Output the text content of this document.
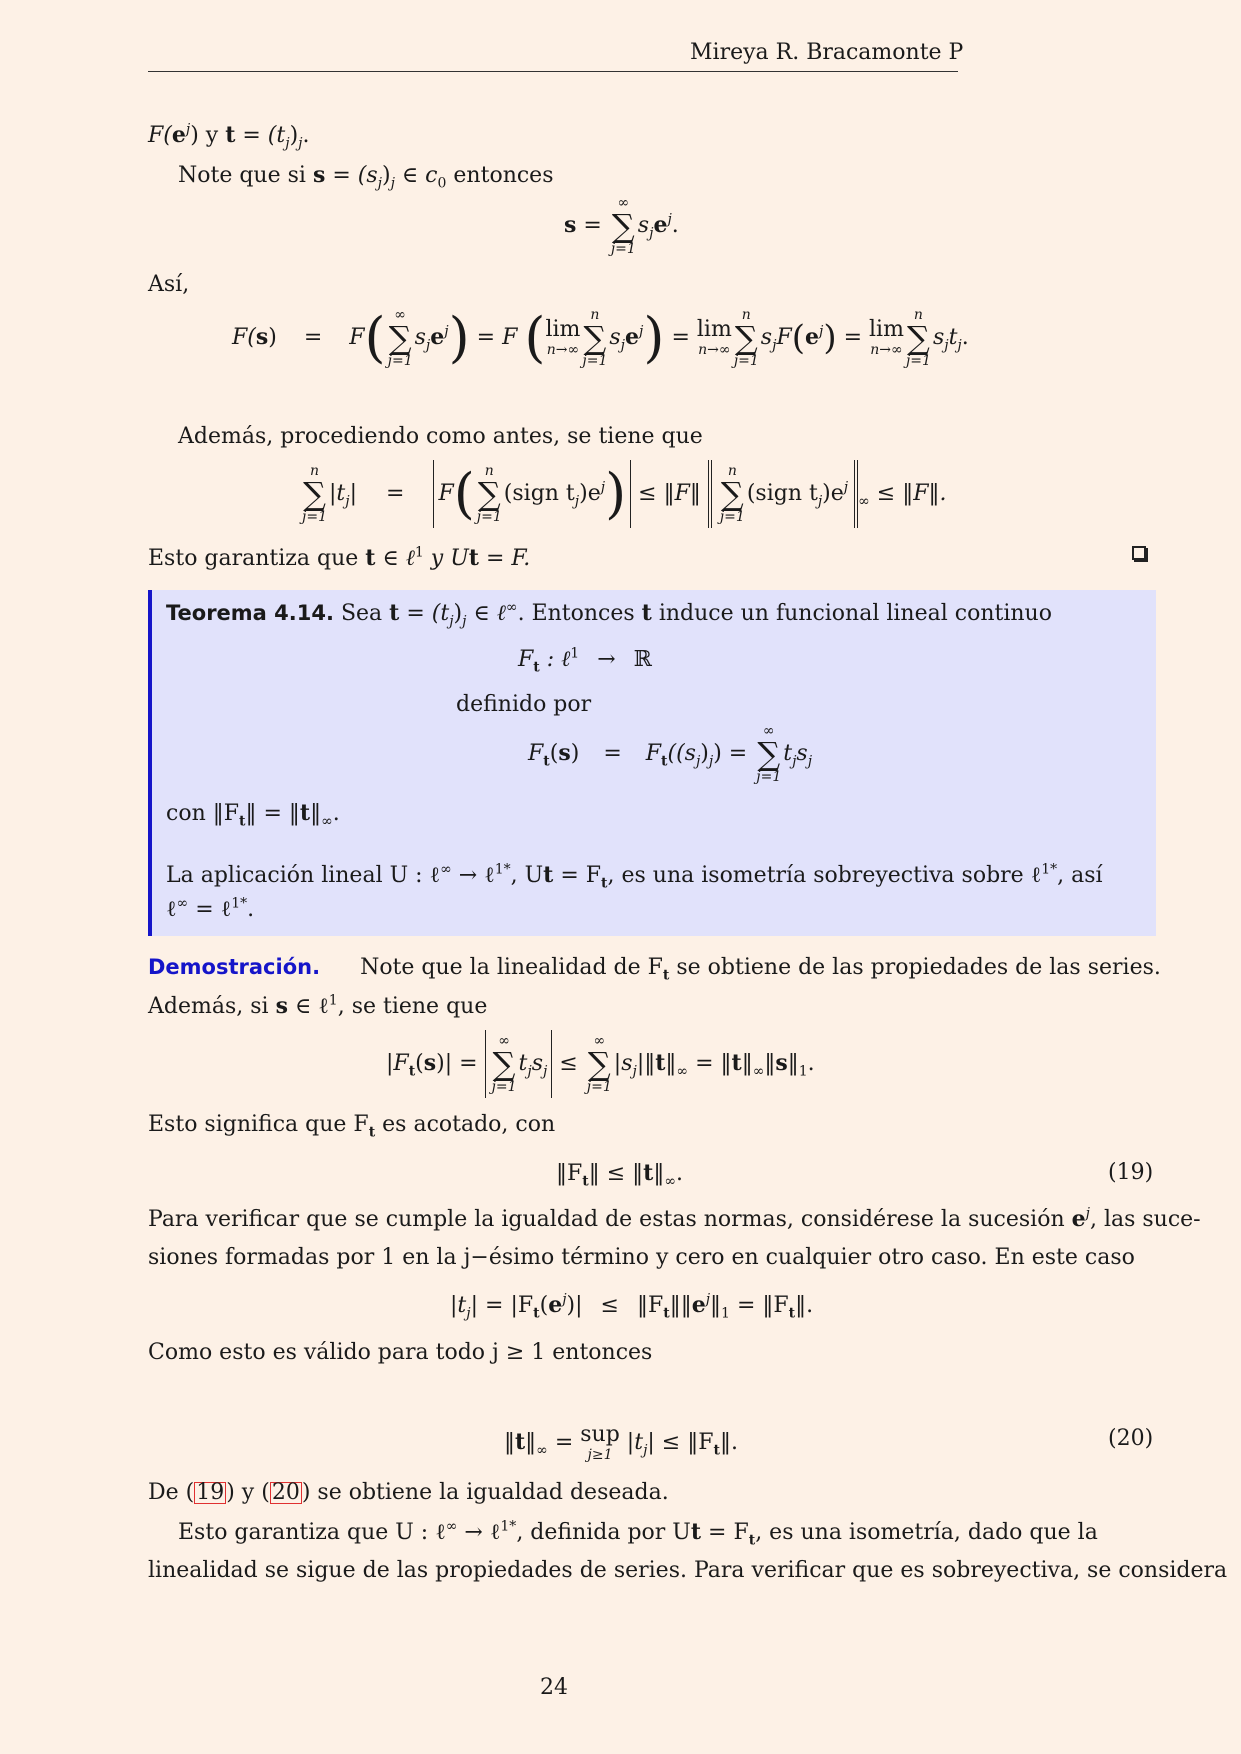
Mireya R. Bracamonte P
$F(e^j)$ y $t = (t_j)_j$.
Note que si $s = (s_j)_j$ ∈ $c_0$ entonces
s =
∞
∑
j=1
$s_je^j$.
Así,
F(s) = F( ∞
∑
j=1
$s_je^j) = F$ (lim
n→∞
n
∑
j=1
$s_je^j) = \lim$
n→∞
n
∑
j=1
$s_jF(e^j) = \lim$
n→∞
n
∑
j=1
$s_jt_j$.
Además, procediendo como antes, se tiene que
n
∑
j=1
$|t_j| = F$( n
∑
j=1
(sign $t_j)e^j$) ≤ ‖F‖
n
∑
j=1
(sign $t_j)e^j_\infty$ ≤ ‖F‖.
Esto garantiza que t ∈ ℓ$^1$ y Ut = F.
Teorema 4.14. Sea $t = (t_j)_j$ ∈ ℓ∞. Entonces t induce un funcional lineal continuo
$F_t$ : ℓ$^1$ → ℝ
definido por
$F_t(s) = F_t((s_j)_j)$ =
∞
∑
j=1
$t_js_j$
con $‖F_t‖$ = $‖t‖_\infty$.
La aplicación lineal U : ℓ∞ → ℓ$^{1*}$, $Ut = F_t$, es una isometría sobreyectiva sobre ℓ$^{1*}$, así
ℓ∞ = ℓ$^{1*}$.
Demostración. Note que la linealidad de $F_t$ se obtiene de las propiedades de las series.
Además, si s ∈ ℓ$^1$, se tiene que
$|F_t(s)|$ =
∞
∑
j=1
$t_js_j$ ≤
∞
∑
j=1
$|s_j|‖t‖_\infty$ = $‖t‖_\infty‖s‖_1$.
Esto significa que $F_t$ es acotado, con
$‖F_t‖$ ≤ $‖t‖_\infty$.	(19)
Para verificar que se cumple la igualdad de estas normas, considérese la sucesión $e^j$, las suce-
siones formadas por 1 en la j−ésimo término y cero en cualquier otro caso. En este caso
$|t_j| = |F_t(e^j)|$ ≤ $‖F_t‖‖e^j‖_1$ = $‖F_t‖$.
Como esto es válido para todo j ≥ 1 entonces
$‖t‖_\infty$ = sup
j≥1 $|t_j|$ ≤ $‖F_t‖$.	(20)
De (19) y (20) se obtiene la igualdad deseada.
Esto garantiza que U : ℓ∞ → ℓ$^{1*}$, definida por $Ut = F_t$, es una isometría, dado que la
linealidad se sigue de las propiedades de series. Para verificar que es sobreyectiva, se considera
24
